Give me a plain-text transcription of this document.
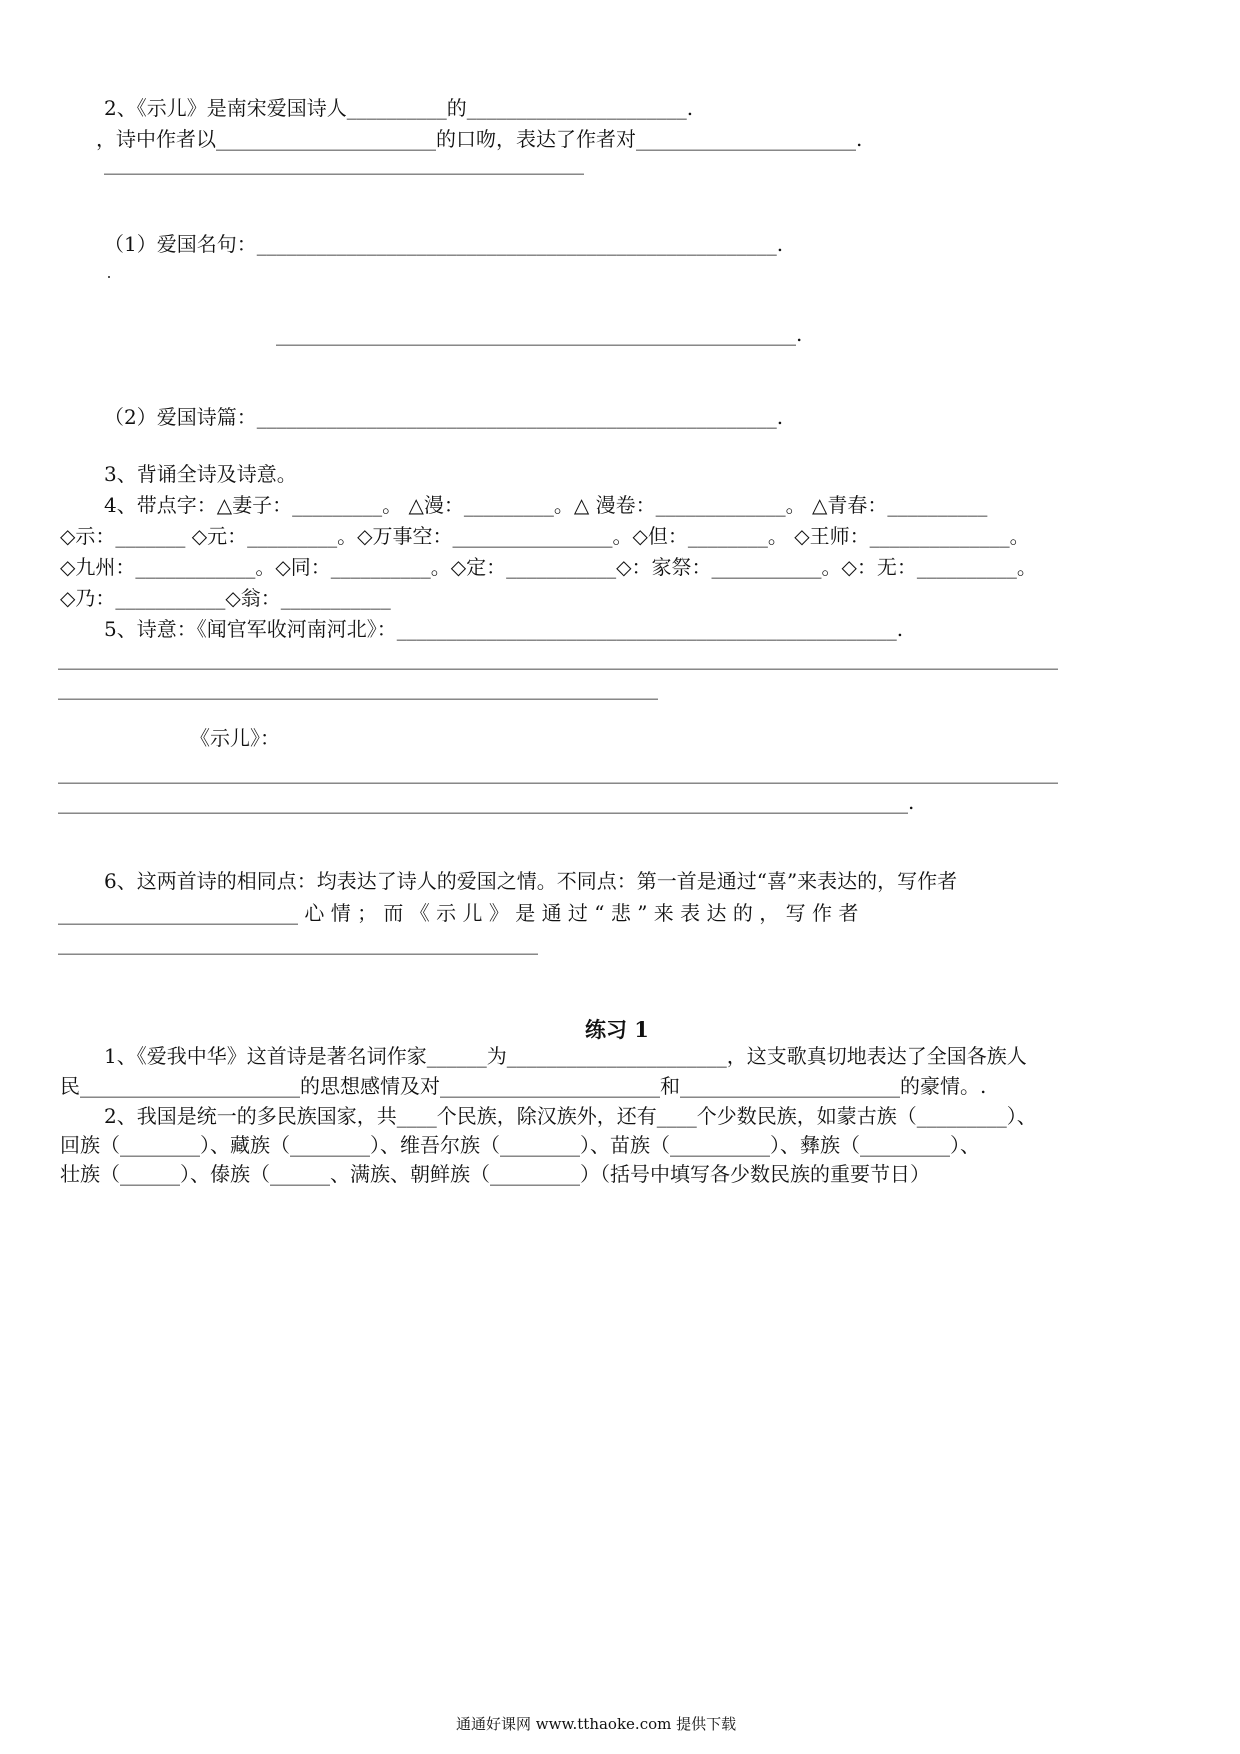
2、《示儿》是南宋爱国诗人__________的______________________.
，诗中作者以______________________的口吻，表达了作者对______________________.
________________________________________________
（1）爱国名句：____________________________________________________.
____________________________________________________.
（2）爱国诗篇：____________________________________________________.
3、背诵全诗及诗意。
4、带点字：△妻子：_________。 △漫：_________。△ 漫卷：_____________。 △青春：__________
◇示：_______ ◇元：_________。◇万事空：________________。◇但：________。 ◇王师：______________。
◇九州：____________。◇同：__________。◇定：___________◇：家祭：___________。◇：无：__________。
◇乃：___________◇翁：___________
5、诗意：《闻官军收河南河北》：__________________________________________________.
____________________________________________________________________________________________________
____________________________________________________________
《示儿》：
____________________________________________________________________________________________________
_____________________________________________________________________________________.
6、这两首诗的相同点：均表达了诗人的爱国之情。不同点：第一首是通过“喜”来表达的，写作者
________________________ 心 情 ； 而 《 示 儿 》 是 通 过 “ 悲 ” 来 表 达 的 ， 写 作 者
________________________________________________
练习 1
1、《爱我中华》这首诗是著名词作家______为______________________，这支歌真切地表达了全国各族人
民______________________的思想感情及对______________________和______________________的豪情。.
2、我国是统一的多民族国家，共____个民族，除汉族外，还有____个少数民族，如蒙古族（_________）、
回族（________）、藏族（________）、维吾尔族（________）、苗族（__________）、彝族（_________）、
壮族（______）、傣族（______、满族、朝鲜族（_________）（括号中填写各少数民族的重要节日）
通通好课网 www.tthaoke.com 提供下载
